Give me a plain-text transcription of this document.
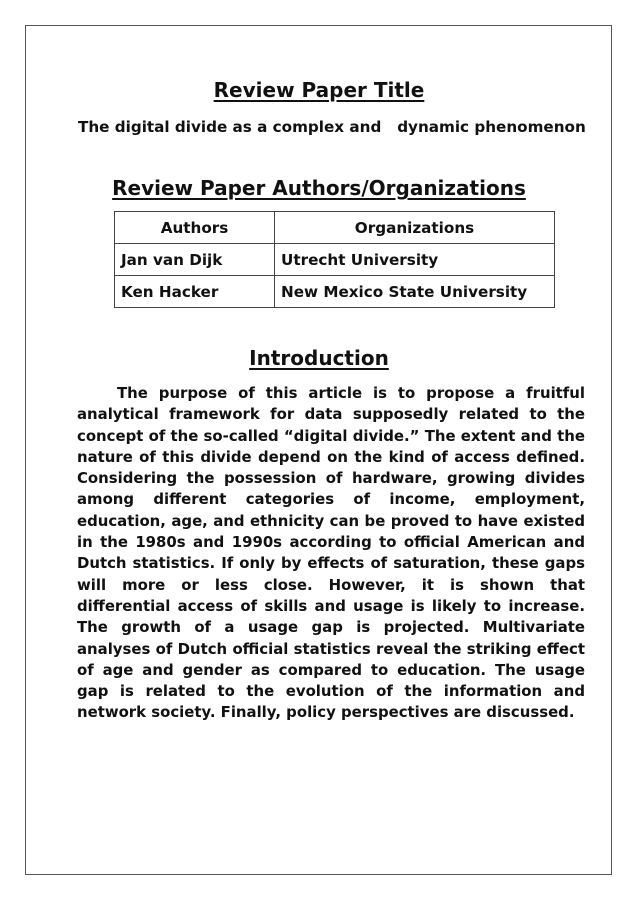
Review Paper Title
The digital divide as a complex and   dynamic phenomenon
Review Paper Authors/Organizations
Authors	Organizations
Jan van Dijk	Utrecht University
Ken Hacker	New Mexico State University
Introduction

The purpose of this article is to propose a fruitful analytical framework for data supposedly related to the concept of the so-called “digital divide.” The extent and the nature of this divide depend on the kind of access defined. Considering the possession of hardware, growing divides among different categories of income, employment, education, age, and ethnicity can be proved to have existed in the 1980s and 1990s according to official American and Dutch statistics. If only by effects of saturation, these gaps will more or less close. However, it is shown that differential access of skills and usage is likely to increase. The growth of a usage gap is projected. Multivariate analyses of Dutch official statistics reveal the striking effect of age and gender as compared to education. The usage gap is related to the evolution of the information and network society. Finally, policy perspectives are discussed.
